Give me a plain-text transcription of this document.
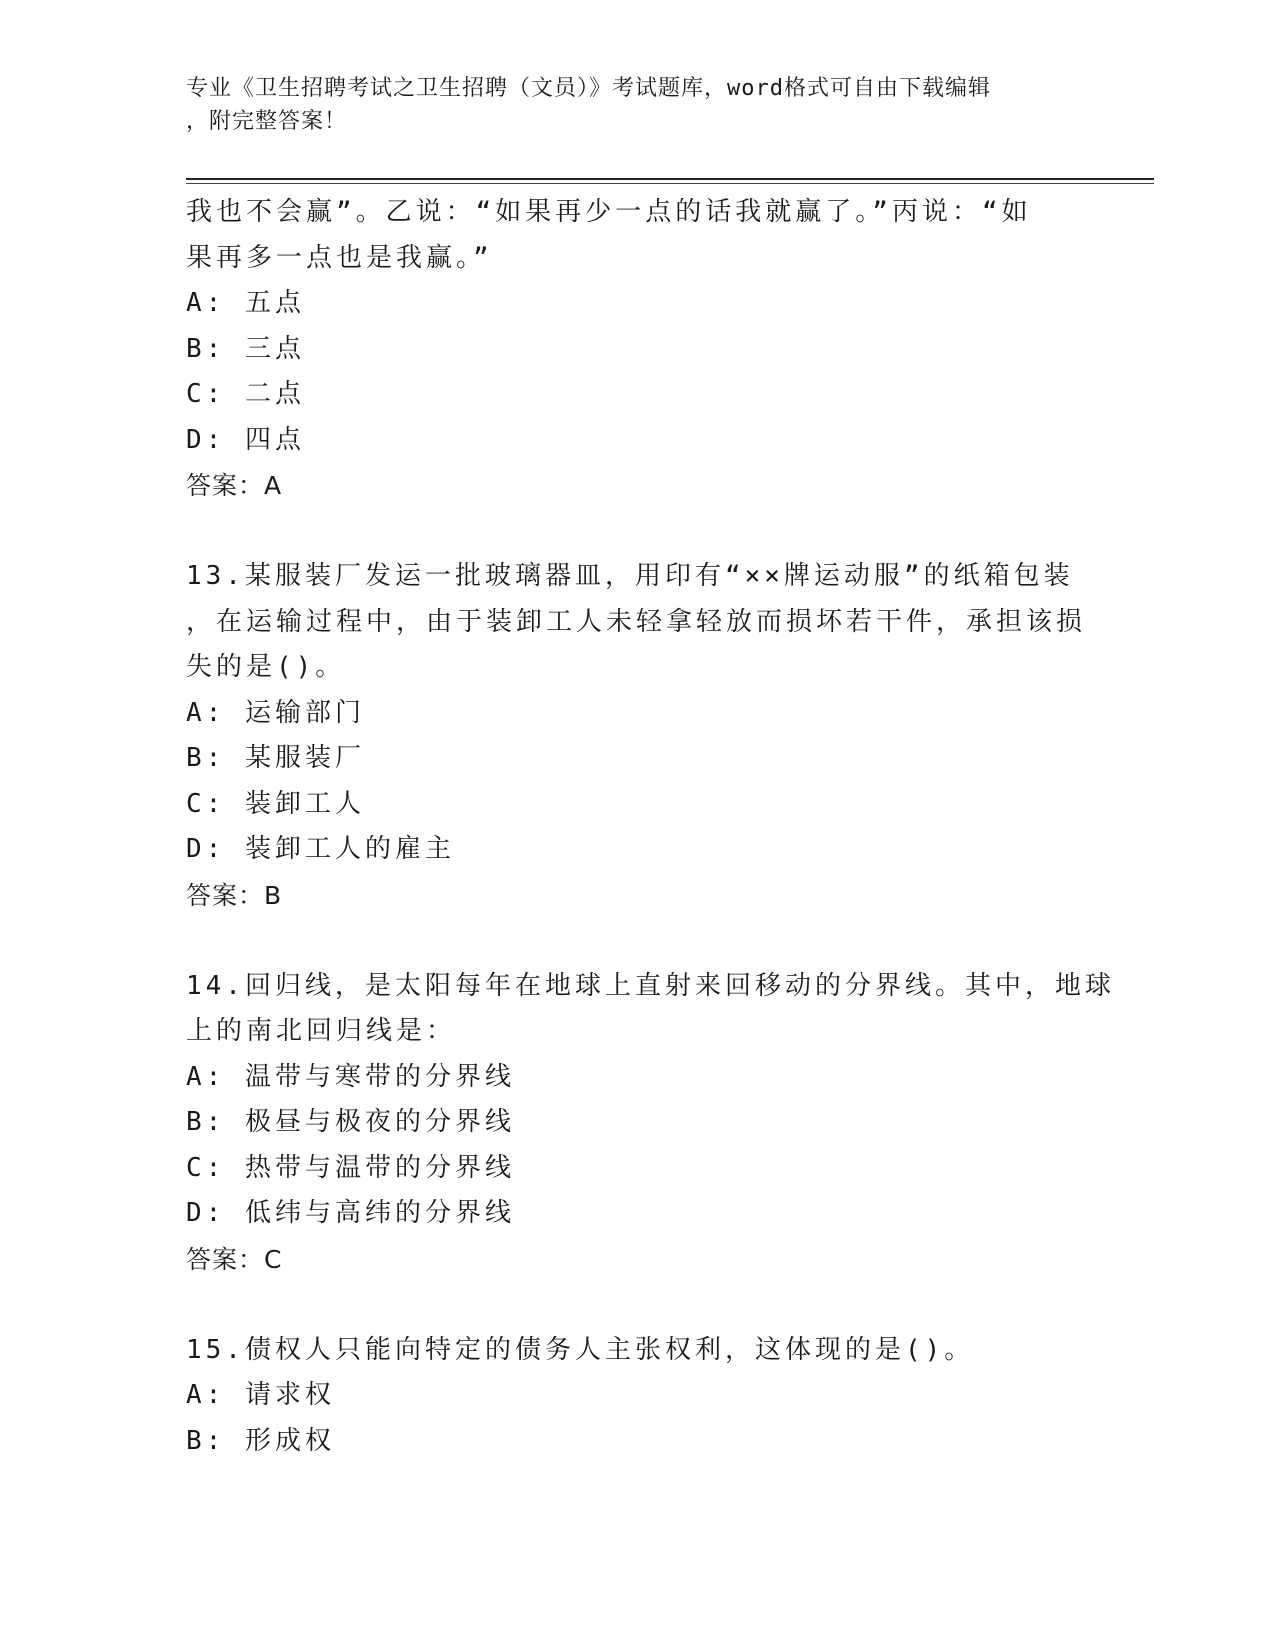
专业《卫生招聘考试之卫生招聘（文员）》考试题库，word格式可自由下载编辑
，附完整答案！
我也不会赢”。乙说：“如果再少一点的话我就赢了。”丙说：“如
果再多一点也是我赢。”
A: 五点
B: 三点
C: 二点
D: 四点
答案：A
13.某服装厂发运一批玻璃器皿，用印有“××牌运动服”的纸箱包装
，在运输过程中，由于装卸工人未轻拿轻放而损坏若干件，承担该损
失的是()。
A: 运输部门
B: 某服装厂
C: 装卸工人
D: 装卸工人的雇主
答案：B
14.回归线，是太阳每年在地球上直射来回移动的分界线。其中，地球
上的南北回归线是：
A: 温带与寒带的分界线
B: 极昼与极夜的分界线
C: 热带与温带的分界线
D: 低纬与高纬的分界线
答案：C
15.债权人只能向特定的债务人主张权利，这体现的是()。
A: 请求权
B: 形成权
